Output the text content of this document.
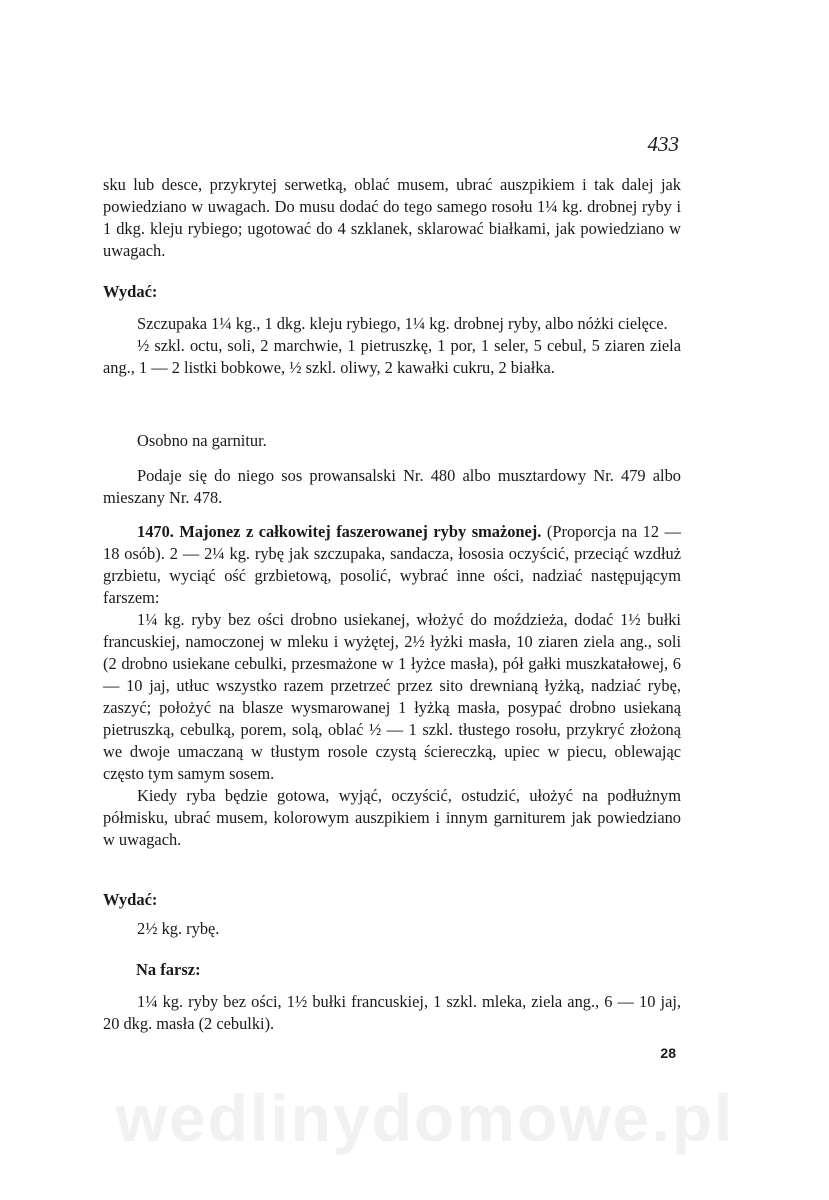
433

sku lub desce, przykrytej serwetką, oblać musem, ubrać auszpikiem i tak dalej jak powiedziano w uwagach. Do musu dodać do tego samego rosołu 1¼ kg. drobnej ryby i 1 dkg. kleju rybiego; ugotować do 4 szklanek, sklarować białkami, jak powiedziano w uwagach.

Wydać:

Szczupaka 1¼ kg., 1 dkg. kleju rybiego, 1¼ kg. drobnej ryby, albo nóżki cielęce.

½ szkl. octu, soli, 2 marchwie, 1 pietruszkę, 1 por, 1 seler, 5 cebul, 5 ziaren ziela ang., 1 — 2 listki bobkowe, ½ szkl. oliwy, 2 kawałki cukru, 2 białka.

Osobno na garnitur.
Podaje się do niego sos prowansalski Nr. 480 albo musztardowy Nr. 479 albo mieszany Nr. 478.

1470. Majonez z całkowitej faszerowanej ryby smażonej. (Proporcja na 12 — 18 osób). 2 — 2¼ kg. rybę jak szczupaka, sandacza, łososia oczyścić, przeciąć wzdłuż grzbietu, wyciąć ość grzbietową, posolić, wybrać inne ości, nadziać następującym farszem:

1¼ kg. ryby bez ości drobno usiekanej, włożyć do moździeża, dodać 1½ bułki francuskiej, namoczonej w mleku i wyżętej, 2½ łyżki masła, 10 ziaren ziela ang., soli (2 drobno usiekane cebulki, przesmażone w 1 łyżce masła), pół gałki muszkatałowej, 6 — 10 jaj, utłuc wszystko razem przetrzeć przez sito drewnianą łyżką, nadziać rybę, zaszyć; położyć na blasze wysmarowanej 1 łyżką masła, posypać drobno usiekaną pietruszką, cebulką, porem, solą, oblać ½ — 1 szkl. tłustego rosołu, przykryć złożoną we dwoje umaczaną w tłustym rosole czystą ściereczką, upiec w piecu, oblewając często tym samym sosem.

Kiedy ryba będzie gotowa, wyjąć, oczyścić, ostudzić, ułożyć na podłużnym półmisku, ubrać musem, kolorowym auszpikiem i innym garniturem jak powiedziano w uwagach.

Wydać:
2½ kg. rybę.
Na farsz:
1¼ kg. ryby bez ości, 1½ bułki francuskiej, 1 szkl. mleka, ziela ang., 6 — 10 jaj, 20 dkg. masła (2 cebulki).
28
wedlinydomowe.pl
